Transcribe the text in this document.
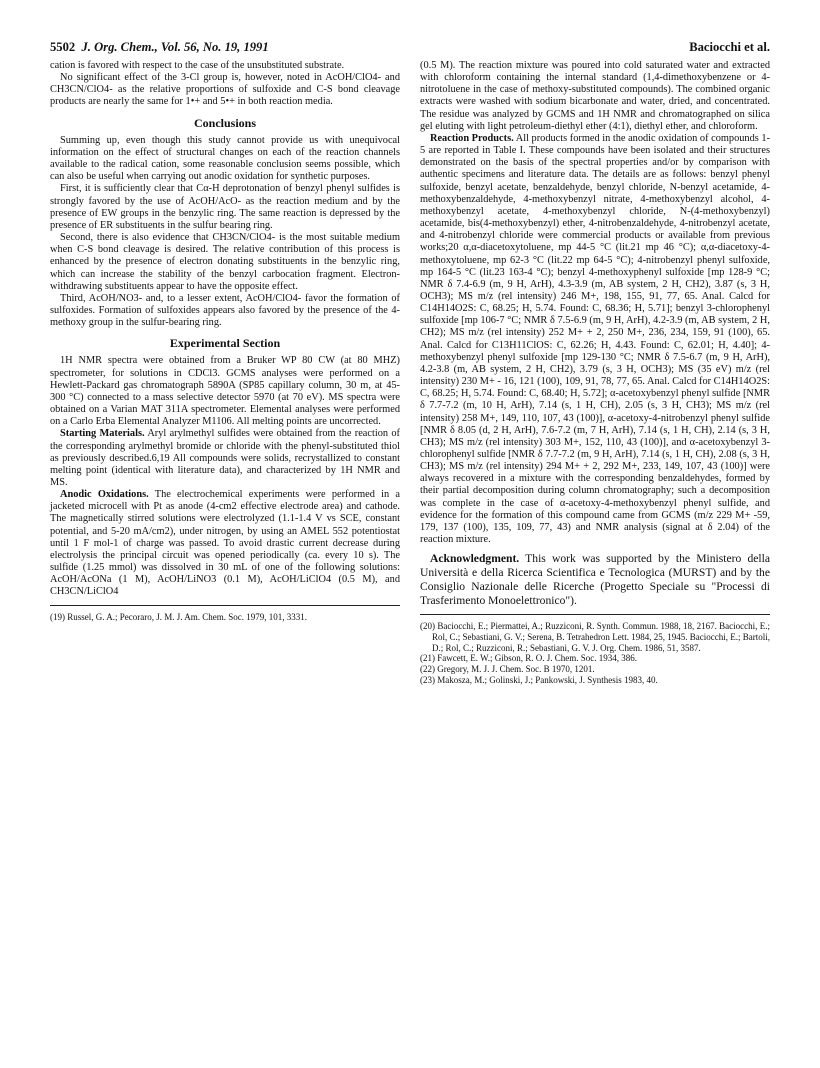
5502 J. Org. Chem., Vol. 56, No. 19, 1991	Baciocchi et al.

cation is favored with respect to the case of the unsubstituted substrate.

No significant effect of the 3-Cl group is, however, noted in AcOH/ClO4- and CH3CN/ClO4- as the relative proportions of sulfoxide and C-S bond cleavage products are nearly the same for 1•+ and 5•+ in both reaction media.

Conclusions

Summing up, even though this study cannot provide us with unequivocal information on the effect of structural changes on each of the reaction channels available to the radical cation, some reasonable conclusion seems possible, which can also be useful when carrying out anodic oxidation for synthetic purposes.

First, it is sufficiently clear that Cα-H deprotonation of benzyl phenyl sulfides is strongly favored by the use of AcOH/AcO- as the reaction medium and by the presence of EW groups in the benzylic ring. The same reaction is depressed by the presence of ER substituents in the sulfur bearing ring.

Second, there is also evidence that CH3CN/ClO4- is the most suitable medium when C-S bond cleavage is desired. The relative contribution of this process is enhanced by the presence of electron donating substituents in the benzylic ring, which can increase the stability of the benzyl carbocation fragment. Electron-withdrawing substituents appear to have the opposite effect.

Third, AcOH/NO3- and, to a lesser extent, AcOH/ClO4- favor the formation of sulfoxides. Formation of sulfoxides appears also favored by the presence of the 4-methoxy group in the sulfur-bearing ring.

Experimental Section

1H NMR spectra were obtained from a Bruker WP 80 CW (at 80 MHZ) spectrometer, for solutions in CDCl3. GCMS analyses were performed on a Hewlett-Packard gas chromatograph 5890A (SP85 capillary column, 30 m, at 45-300 °C) connected to a mass selective detector 5970 (at 70 eV). MS spectra were obtained on a Varian MAT 311A spectrometer. Elemental analyses were performed on a Carlo Erba Elemental Analyzer M1106. All melting points are uncorrected.

Starting Materials. Aryl arylmethyl sulfides were obtained from the reaction of the corresponding arylmethyl bromide or chloride with the phenyl-substituted thiol as previously described.6,19 All compounds were solids, recrystallized to constant melting point (identical with literature data), and characterized by 1H NMR and MS.

Anodic Oxidations. The electrochemical experiments were performed in a jacketed microcell with Pt as anode (4-cm2 effective electrode area) and cathode. The magnetically stirred solutions were electrolyzed (1.1-1.4 V vs SCE, constant potential, and 5-20 mA/cm2), under nitrogen, by using an AMEL 552 potentiostat until 1 F mol-1 of charge was passed. To avoid drastic current decrease during electrolysis the principal circuit was opened periodically (ca. every 10 s). The sulfide (1.25 mmol) was dissolved in 30 mL of one of the following solutions: AcOH/AcONa (1 M), AcOH/LiNO3 (0.1 M), AcOH/LiClO4 (0.5 M), and CH3CN/LiClO4

(19) Russel, G. A.; Pecoraro, J. M. J. Am. Chem. Soc. 1979, 101, 3331.

(0.5 M). The reaction mixture was poured into cold saturated water and extracted with chloroform containing the internal standard (1,4-dimethoxybenzene or 4-nitrotoluene in the case of methoxy-substituted compounds). The combined organic extracts were washed with sodium bicarbonate and water, dried, and concentrated. The residue was analyzed by GCMS and 1H NMR and chromatographed on silica gel eluting with light petroleum-diethyl ether (4:1), diethyl ether, and chloroform.

Reaction Products. All products formed in the anodic oxidation of compounds 1-5 are reported in Table I. These compounds have been isolated and their structures demonstrated on the basis of the spectral properties and/or by comparison with authentic specimens and literature data. The details are as follows: benzyl phenyl sulfoxide, benzyl acetate, benzaldehyde, benzyl chloride, N-benzyl acetamide, 4-methoxybenzaldehyde, 4-methoxybenzyl nitrate, 4-methoxybenzyl alcohol, 4-methoxybenzyl acetate, 4-methoxybenzyl chloride, N-(4-methoxybenzyl) acetamide, bis(4-methoxybenzyl) ether, 4-nitrobenzaldehyde, 4-nitrobenzyl acetate, and 4-nitrobenzyl chloride were commercial products or available from previous works;20 α,α-diacetoxytoluene, mp 44-5 °C (lit.21 mp 46 °C); α,α-diacetoxy-4-methoxytoluene, mp 62-3 °C (lit.22 mp 64-5 °C); 4-nitrobenzyl phenyl sulfoxide, mp 164-5 °C (lit.23 163-4 °C); benzyl 4-methoxyphenyl sulfoxide [mp 128-9 °C; NMR δ 7.4-6.9 (m, 9 H, ArH), 4.3-3.9 (m, AB system, 2 H, CH2), 3.87 (s, 3 H, OCH3); MS m/z (rel intensity) 246 M+, 198, 155, 91, 77, 65. Anal. Calcd for C14H14O2S: C, 68.25; H, 5.74. Found: C, 68.36; H, 5.71]; benzyl 3-chlorophenyl sulfoxide [mp 106-7 °C; NMR δ 7.5-6.9 (m, 9 H, ArH), 4.2-3.9 (m, AB system, 2 H, CH2); MS m/z (rel intensity) 252 M+ + 2, 250 M+, 236, 234, 159, 91 (100), 65. Anal. Calcd for C13H11ClOS: C, 62.26; H, 4.43. Found: C, 62.01; H, 4.40]; 4-methoxybenzyl phenyl sulfoxide [mp 129-130 °C; NMR δ 7.5-6.7 (m, 9 H, ArH), 4.2-3.8 (m, AB system, 2 H, CH2), 3.79 (s, 3 H, OCH3); MS (35 eV) m/z (rel intensity) 230 M+ - 16, 121 (100), 109, 91, 78, 77, 65. Anal. Calcd for C14H14O2S: C, 68.25; H, 5.74. Found: C, 68.40; H, 5.72]; α-acetoxybenzyl phenyl sulfide [NMR δ 7.7-7.2 (m, 10 H, ArH), 7.14 (s, 1 H, CH), 2.05 (s, 3 H, CH3); MS m/z (rel intensity) 258 M+, 149, 110, 107, 43 (100)], α-acetoxy-4-nitrobenzyl phenyl sulfide [NMR δ 8.05 (d, 2 H, ArH), 7.6-7.2 (m, 7 H, ArH), 7.14 (s, 1 H, CH), 2.14 (s, 3 H, CH3); MS m/z (rel intensity) 303 M+, 152, 110, 43 (100)], and α-acetoxybenzyl 3-chlorophenyl sulfide [NMR δ 7.7-7.2 (m, 9 H, ArH), 7.14 (s, 1 H, CH), 2.08 (s, 3 H, CH3); MS m/z (rel intensity) 294 M+ + 2, 292 M+, 233, 149, 107, 43 (100)] were always recovered in a mixture with the corresponding benzaldehydes, formed by their partial decomposition during column chromatography; such a decomposition was complete in the case of α-acetoxy-4-methoxybenzyl phenyl sulfide, and evidence for the formation of this compound came from GCMS (m/z 229 M+ -59, 179, 137 (100), 135, 109, 77, 43) and NMR analysis (signal at δ 2.04) of the reaction mixture.

Acknowledgment. This work was supported by the Ministero della Università e della Ricerca Scientifica e Tecnologica (MURST) and by the Consiglio Nazionale delle Ricerche (Progetto Speciale su "Processi di Trasferimento Monoelettronico").

(20) Baciocchi, E.; Piermattei, A.; Ruzziconi, R. Synth. Commun. 1988, 18, 2167. Baciocchi, E.; Rol, C.; Sebastiani, G. V.; Serena, B. Tetrahedron Lett. 1984, 25, 1945. Baciocchi, E.; Bartoli, D.; Rol, C.; Ruzziconi, R.; Sebastiani, G. V. J. Org. Chem. 1986, 51, 3587.

(21) Fawcett, E. W.; Gibson, R. O. J. Chem. Soc. 1934, 386.

(22) Gregory, M. J. J. Chem. Soc. B 1970, 1201.

(23) Makosza, M.; Golinski, J.; Pankowski, J. Synthesis 1983, 40.
